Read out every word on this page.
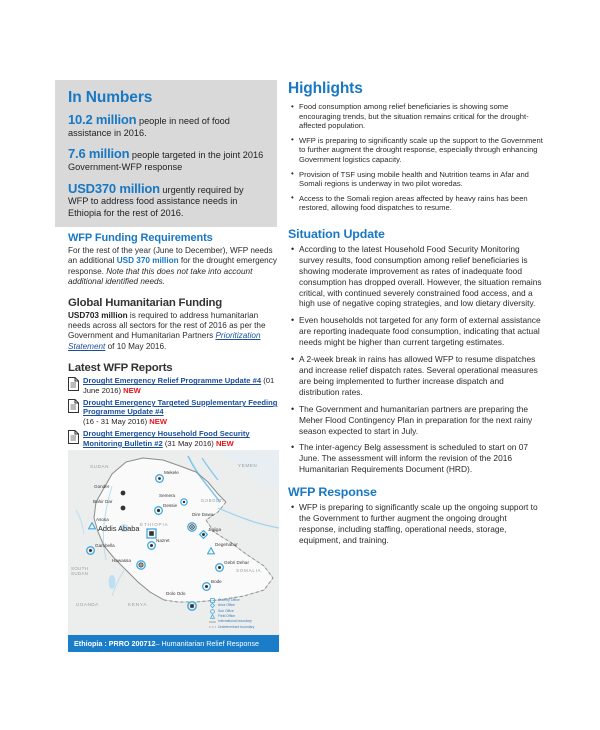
In Numbers

10.2 million people in need of food assistance in 2016.

7.6 million people targeted in the joint 2016 Government-WFP response

USD370 million urgently required by WFP to address food assistance needs in Ethiopia for the rest of 2016.

WFP Funding Requirements

For the rest of the year (June to December), WFP needs an additional USD 370 million for the drought emergency response. Note that this does not take into account additional identified needs.

Global Humanitarian Funding

USD703 million is required to address humanitarian needs across all sectors for the rest of 2016 as per the Government and Humanitarian Partners Prioritization Statement of 10 May 2016.

Latest WFP Reports
Drought Emergency Relief Programme Update #4 (01 June 2016) NEW
Drought Emergency Targeted Supplementary Feeding Programme Update #4
(16 - 31 May 2016) NEW
Drought Emergency Household Food Security Monitoring Bulletin #2 (31 May 2016) NEW
SUDAN	YEMEN
DJIBOUTI
ETHIOPIA
SOMALIA
SOUTH SUDAN
UGANDA	KENYA
Mekele
Gonder
Semera
Bahir Dar
Dessie
Asosa
Dire Dawa
Addis Ababa	Jigjiga
Nazret
Degehabur
Gambella
Hawassa	Gebri Dehar
Bode
Dolo Odo
Country Office
Area Office
Sub Office
Field Office
International boundary
Undetermined boundary
Ethiopia : PRRO 200712– Humanitarian Relief Response
Highlights
• Food consumption among relief beneficiaries is showing some encouraging trends, but the situation remains critical for the drought-affected population.
• WFP is preparing to significantly scale up the support to the Government to further augment the drought response, especially through enhancing Government logistics capacity.
• Provision of TSF using mobile health and Nutrition teams in Afar and Somali regions is underway in two pilot woredas.
• Access to the Somali region areas affected by heavy rains has been restored, allowing food dispatches to resume.
Situation Update
• According to the latest Household Food Security Monitoring survey results, food consumption among relief beneficiaries is showing moderate improvement as rates of inadequate food consumption has dropped overall. However, the situation remains critical, with continued severely constrained food access, and a high use of negative coping strategies, and low dietary diversity.
• Even households not targeted for any form of external assistance are reporting inadequate food consumption, indicating that actual needs might be higher than current targeting estimates.
• A 2-week break in rains has allowed WFP to resume dispatches and increase relief dispatch rates. Several operational measures are being implemented to further increase dispatch and distribution rates.
• The Government and humanitarian partners are preparing the Meher Flood Contingency Plan in preparation for the next rainy season expected to start in July.
• The inter-agency Belg assessment is scheduled to start on 07 June. The assessment will inform the revision of the 2016 Humanitarian Requirements Document (HRD).
WFP Response
• WFP is preparing to significantly scale up the ongoing support to the Government to further augment the ongoing drought response, including staffing, operational needs, storage, equipment, and training.
